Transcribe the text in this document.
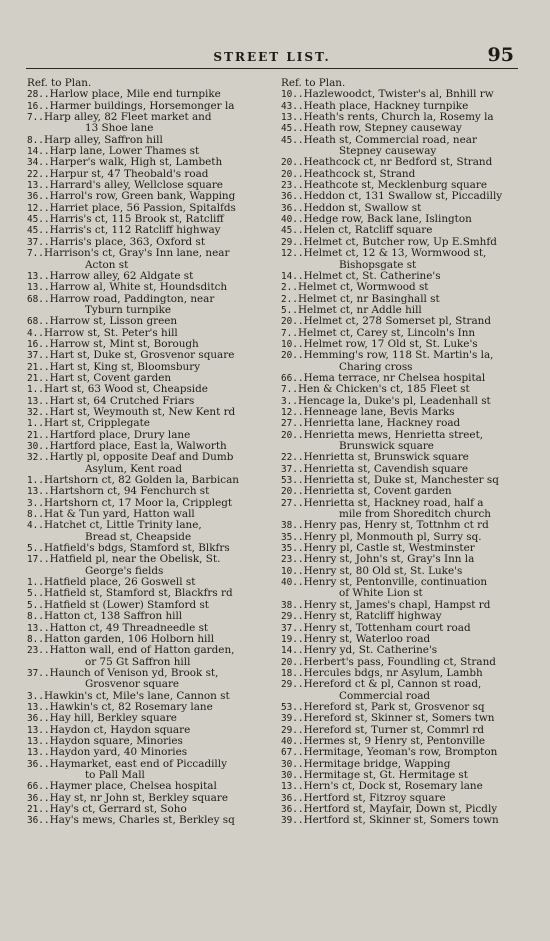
STREET LIST.	95
Ref. to Plan.
28..Harlow place, Mile end turnpike
16..Harmer buildings, Horsemonger la
7..Harp alley, 82 Fleet market and
13 Shoe lane
8..Harp alley, Saffron hill
14..Harp lane, Lower Thames st
34..Harper's walk, High st, Lambeth
22..Harpur st, 47 Theobald's road
13..Harrard's alley, Wellclose square
36..Harrol's row, Green bank, Wapping
12..Harriet place, 56 Passion, Spitalfds
45..Harris's ct, 115 Brook st, Ratcliff
45..Harris's ct, 112 Ratcliff highway
37..Harris's place, 363, Oxford st
7..Harrison's ct, Gray's Inn lane, near
Acton st
13..Harrow alley, 62 Aldgate st
13..Harrow al, White st, Houndsditch
68..Harrow road, Paddington, near
Tyburn turnpike
68..Harrow st, Lisson green
4..Harrow st, St. Peter's hill
16..Harrow st, Mint st, Borough
37..Hart st, Duke st, Grosvenor square
21..Hart st, King st, Bloomsbury
21..Hart st, Covent garden
1..Hart st, 63 Wood st, Cheapside
13..Hart st, 64 Crutched Friars
32..Hart st, Weymouth st, New Kent rd
1..Hart st, Cripplegate
21..Hartford place, Drury lane
30..Hartford place, East la, Walworth
32..Hartly pl, opposite Deaf and Dumb
Asylum, Kent road
1..Hartshorn ct, 82 Golden la, Barbican
13..Hartshorn ct, 94 Fenchurch st
3..Hartshorn ct, 17 Moor la, Cripplegt
8..Hat & Tun yard, Hatton wall
4..Hatchet ct, Little Trinity lane,
Bread st, Cheapside
5..Hatfield's bdgs, Stamford st, Blkfrs
17..Hatfield pl, near the Obelisk, St.
George's fields
1..Hatfield place, 26 Goswell st
5..Hatfield st, Stamford st, Blackfrs rd
5..Hatfield st (Lower) Stamford st
8..Hatton ct, 138 Saffron hill
13..Hatton ct, 49 Threadneedle st
8..Hatton garden, 106 Holborn hill
23..Hatton wall, end of Hatton garden,
or 75 Gt Saffron hill
37..Haunch of Venison yd, Brook st,
Grosvenor square
3..Hawkin's ct, Mile's lane, Cannon st
13..Hawkin's ct, 82 Rosemary lane
36..Hay hill, Berkley square
13..Haydon ct, Haydon square
13..Haydon square, Minories
13..Haydon yard, 40 Minories
36..Haymarket, east end of Piccadilly
to Pall Mall
66..Haymer place, Chelsea hospital
36..Hay st, nr John st, Berkley square
21..Hay's ct, Gerrard st, Soho
36..Hay's mews, Charles st, Berkley sq
Ref. to Plan.
10..Hazlewoodct, Twister's al, Bnhill rw
43..Heath place, Hackney turnpike
13..Heath's rents, Church la, Rosemy la
45..Heath row, Stepney causeway
45..Heath st, Commercial road, near
Stepney causeway
20..Heathcock ct, nr Bedford st, Strand
20..Heathcock st, Strand
23..Heathcote st, Mecklenburg square
36..Heddon ct, 131 Swallow st, Piccadilly
36..Heddon st, Swallow st
40..Hedge row, Back lane, Islington
45..Helen ct, Ratcliff square
29..Helmet ct, Butcher row, Up E.Smhfd
12..Helmet ct, 12 & 13, Wormwood st,
Bishopsgate st
14..Helmet ct, St. Catherine's
2..Helmet ct, Wormwood st
2..Helmet ct, nr Basinghall st
5..Helmet ct, nr Addle hill
20..Helmet ct, 278 Somerset pl, Strand
7..Helmet ct, Carey st, Lincoln's Inn
10..Helmet row, 17 Old st, St. Luke's
20..Hemming's row, 118 St. Martin's la,
Charing cross
66..Hema terrace, nr Chelsea hospital
7..Hen & Chicken's ct, 185 Fleet st
3..Hencage la, Duke's pl, Leadenhall st
12..Henneage lane, Bevis Marks
27..Henrietta lane, Hackney road
20..Henrietta mews, Henrietta street,
Brunswick square
22..Henrietta st, Brunswick square
37..Henrietta st, Cavendish square
53..Henrietta st, Duke st, Manchester sq
20..Henrietta st, Covent garden
27..Henrietta st, Hackney road, half a
mile from Shoreditch church
38..Henry pas, Henry st, Tottnhm ct rd
35..Henry pl, Monmouth pl, Surry sq.
35..Henry pl, Castle st, Westminster
23..Henry st, John's st, Gray's Inn la
10..Henry st, 80 Old st, St. Luke's
40..Henry st, Pentonville, continuation
of White Lion st
38..Henry st, James's chapl, Hampst rd
29..Henry st, Ratcliff highway
37..Henry st, Tottenham court road
19..Henry st, Waterloo road
14..Henry yd, St. Catherine's
20..Herbert's pass, Foundling ct, Strand
18..Hercules bdgs, nr Asylum, Lambh
29..Hereford ct & pl, Cannon st road,
Commercial road
53..Hereford st, Park st, Grosvenor sq
39..Hereford st, Skinner st, Somers twn
29..Hereford st, Turner st, Commrl rd
40..Hermes st, 9 Henry st, Pentonville
67..Hermitage, Yeoman's row, Brompton
30..Hermitage bridge, Wapping
30..Hermitage st, Gt. Hermitage st
13..Hern's ct, Dock st, Rosemary lane
36..Hertford st, Fitzroy square
36..Hertford st, Mayfair, Down st, Picdly
39..Hertford st, Skinner st, Somers town
